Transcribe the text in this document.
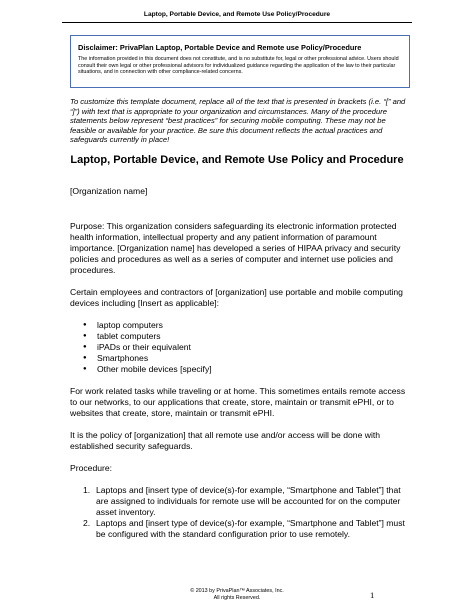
Laptop, Portable Device, and Remote Use Policy/Procedure
Disclaimer: PrivaPlan Laptop, Portable Device and Remote use Policy/Procedure
The information provided in this document does not constitute, and is no substitute for, legal or other professional advice. Users should consult their own legal or other professional advisors for individualized guidance regarding the application of the law to their particular situations, and in connection with other compliance-related concerns.
To customize this template document, replace all of the text that is presented in brackets (i.e. “[” and “]”) with text that is appropriate to your organization and circumstances. Many of the procedure statements below represent “best practices” for securing mobile computing. These may not be feasible or available for your practice. Be sure this document reflects the actual practices and safeguards currently in place!
Laptop, Portable Device, and Remote Use Policy and Procedure

[Organization name]

Purpose: This organization considers safeguarding its electronic information protected health information, intellectual property and any patient information of paramount importance. [Organization name] has developed a series of HIPAA privacy and security policies and procedures as well as a series of computer and internet use policies and procedures.

Certain employees and contractors of [organization] use portable and mobile computing devices including [Insert as applicable]:

● laptop computers
● tablet computers
● iPADs or their equivalent
● Smartphones
● Other mobile devices [specify]

For work related tasks while traveling or at home. This sometimes entails remote access to our networks, to our applications that create, store, maintain or transmit ePHI, or to websites that create, store, maintain or transmit ePHI.

It is the policy of [organization] that all remote use and/or access will be done with established security safeguards.

Procedure:

1. Laptops and [insert type of device(s)-for example, “Smartphone and Tablet”] that are assigned to individuals for remote use will be accounted for on the computer asset inventory.
2. Laptops and [insert type of device(s)-for example, “Smartphone and Tablet”] must be configured with the standard configuration prior to use remotely.
© 2013 by PrivaPlan™ Associates, Inc.
All rights Reserved.	1
